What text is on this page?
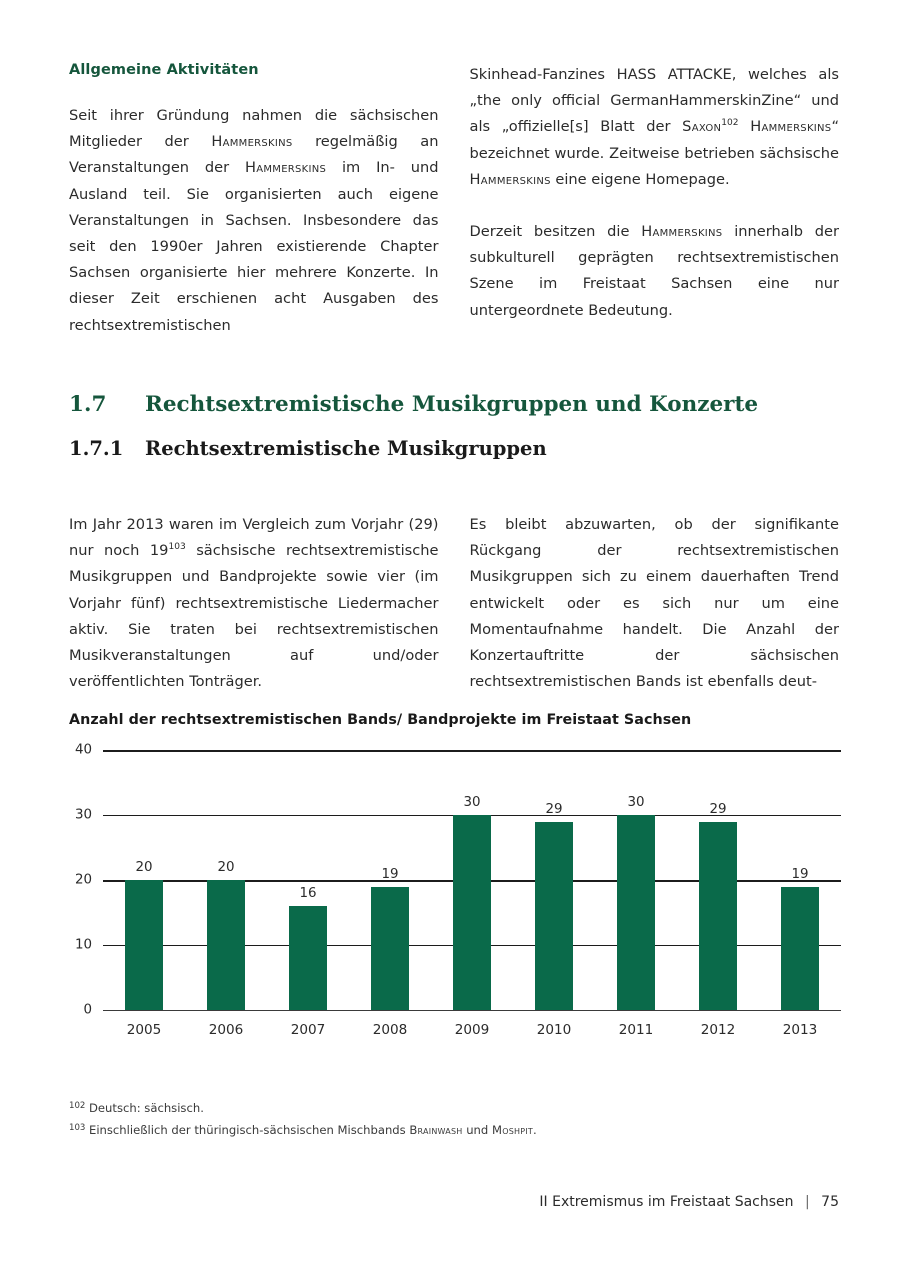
Allgemeine Aktivitäten

Seit ihrer Gründung nahmen die sächsischen Mitglieder der Hammerskins regelmäßig an Veranstaltungen der Hammerskins im In- und Ausland teil. Sie organisierten auch eigene Veranstaltungen in Sachsen. Insbesondere das seit den 1990er Jahren existierende Chapter Sachsen organisierte hier mehrere Konzerte. In dieser Zeit erschienen acht Ausgaben des rechtsextremistischen

Skinhead-Fanzines HASS ATTACKE, welches als „the only official GermanHammerskinZine“ und als „offizielle[s] Blatt der Saxon$^{102}$ Hammerskins“ bezeichnet wurde. Zeitweise betrieben sächsische Hammerskins eine eigene Homepage.

Derzeit besitzen die Hammerskins innerhalb der subkulturell geprägten rechtsextremistischen Szene im Freistaat Sachsen eine nur untergeordnete Bedeutung.

1.7	Rechtsextremistische Musikgruppen und Konzerte
1.7.1	Rechtsextremistische Musikgruppen

Im Jahr 2013 waren im Vergleich zum Vorjahr (29) nur noch $19^{103}$ sächsische rechtsextremistische Musikgruppen und Bandprojekte sowie vier (im Vorjahr fünf) rechtsextremistische Liedermacher aktiv. Sie traten bei rechtsextremistischen Musikveranstaltungen auf und/oder veröffentlichten Tonträger.

Es bleibt abzuwarten, ob der signifikante Rückgang der rechtsextremistischen Musikgruppen sich zu einem dauerhaften Trend entwickelt oder es sich nur um eine Momentaufnahme handelt. Die Anzahl der Konzertauftritte der sächsischen rechtsextremistischen Bands ist ebenfalls deut-

Anzahl der rechtsextremistischen Bands/ Bandprojekte im Freistaat Sachsen
0
10
20
30
40
20	20
16
19
30	29	30	29
19
2005	2006	2007	2008	2009	2010	2011	2012	2013
102 Deutsch: sächsisch.
103 Einschließlich der thüringisch-sächsischen Mischbands Brainwash und Moshpit.
II Extremismus im Freistaat Sachsen | 75
